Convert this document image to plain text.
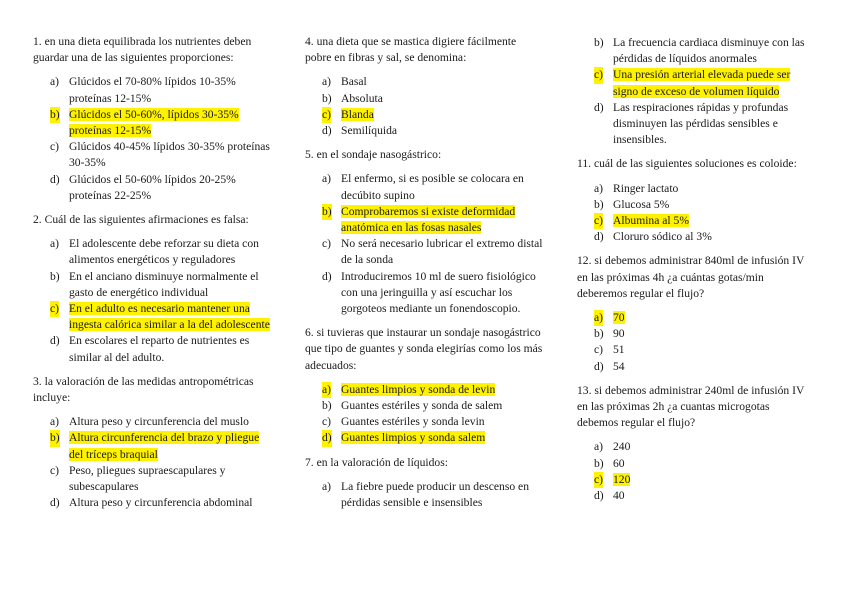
1. en una dieta equilibrada los nutrientes deben guardar una de las siguientes proporciones:

a) Glúcidos el 70-80% lípidos 10-35% proteínas 12-15%
b) Glúcidos el 50-60%, lípidos 30-35% proteínas 12-15%
c) Glúcidos 40-45% lípidos 30-35% proteínas 30-35%
d) Glúcidos el 50-60% lípidos 20-25% proteínas 22-25%

2. Cuál de las siguientes afirmaciones es falsa:

a) El adolescente debe reforzar su dieta con alimentos energéticos y reguladores
b) En el anciano disminuye normalmente el gasto de energético individual
c) En el adulto es necesario mantener una ingesta calórica similar a la del adolescente
d) En escolares el reparto de nutrientes es similar al del adulto.

3. la valoración de las medidas antropométricas incluye:

a) Altura peso y circunferencia del muslo
b) Altura circunferencia del brazo y pliegue del tríceps braquial
c) Peso, pliegues supraescapulares y subescapulares
d) Altura peso y circunferencia abdominal

4. una dieta que se mastica digiere fácilmente pobre en fibras y sal, se denomina:

a) Basal
b) Absoluta
c) Blanda
d) Semilíquida

5. en el sondaje nasogástrico:

a) El enfermo, si es posible se colocara en decúbito supino
b) Comprobaremos si existe deformidad anatómica en las fosas nasales
c) No será necesario lubricar el extremo distal de la sonda
d) Introduciremos 10 ml de suero fisiológico con una jeringuilla y así escuchar los gorgoteos mediante un fonendoscopio.

6. si tuvieras que instaurar un sondaje nasogástrico que tipo de guantes y sonda elegirías como los más adecuados:

a) Guantes limpios y sonda de levin
b) Guantes estériles y sonda de salem
c) Guantes estériles y sonda levin
d) Guantes limpios y sonda salem

7. en la valoración de líquidos:

a) La fiebre puede producir un descenso en pérdidas sensible e insensibles
b) La frecuencia cardiaca disminuye con las pérdidas de líquidos anormales
c) Una presión arterial elevada puede ser signo de exceso de volumen líquido
d) Las respiraciones rápidas y profundas disminuyen las pérdidas sensibles e insensibles.

11. cuál de las siguientes soluciones es coloide:

a) Ringer lactato
b) Glucosa 5%
c) Albumina al 5%
d) Cloruro sódico al 3%

12. si debemos administrar 840ml de infusión IV en las próximas 4h ¿a cuántas gotas/min deberemos regular el flujo?

a) 70
b) 90
c) 51
d) 54

13. si debemos administrar 240ml de infusión IV en las próximas 2h ¿a cuantas microgotas debemos regular el flujo?

a) 240
b) 60
c) 120
d) 40
